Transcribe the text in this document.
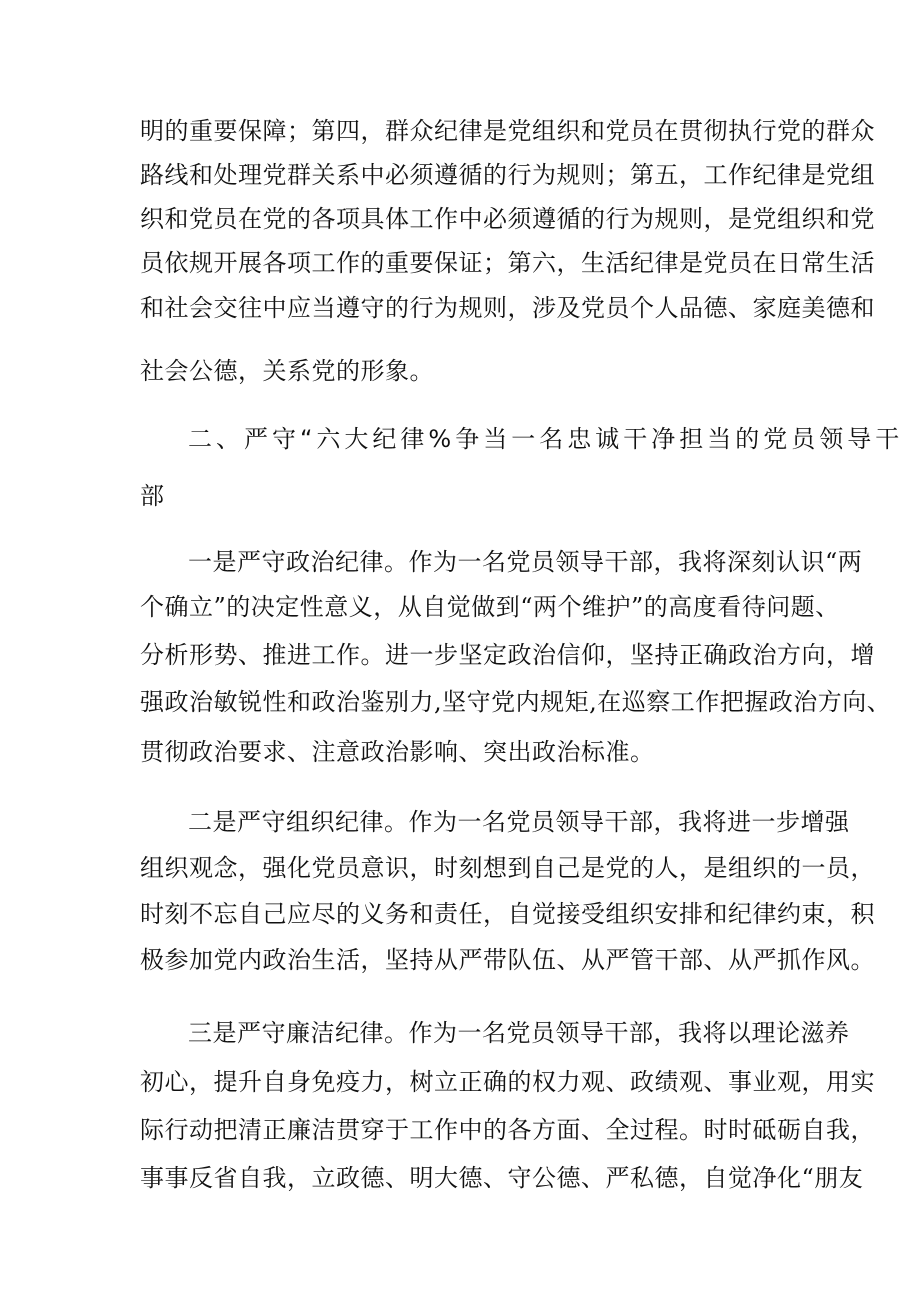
明的重要保障；第四，群众纪律是党组织和党员在贯彻执行党的群众
路线和处理党群关系中必须遵循的行为规则；第五，工作纪律是党组
织和党员在党的各项具体工作中必须遵循的行为规则，是党组织和党
员依规开展各项工作的重要保证；第六，生活纪律是党员在日常生活
和社会交往中应当遵守的行为规则，涉及党员个人品德、家庭美德和
社会公德，关系党的形象。
二、严守“六大纪律%争当一名忠诚干净担当的党员领导干
部
一是严守政治纪律。作为一名党员领导干部，我将深刻认识“两
个确立”的决定性意义，从自觉做到“两个维护”的高度看待问题、
分析形势、推进工作。进一步坚定政治信仰，坚持正确政治方向，增
强政治敏锐性和政治鉴别力,坚守党内规矩,在巡察工作把握政治方向、
贯彻政治要求、注意政治影响、突出政治标准。
二是严守组织纪律。作为一名党员领导干部，我将进一步增强
组织观念，强化党员意识，时刻想到自己是党的人，是组织的一员，
时刻不忘自己应尽的义务和责任，自觉接受组织安排和纪律约束，积
极参加党内政治生活，坚持从严带队伍、从严管干部、从严抓作风。
三是严守廉洁纪律。作为一名党员领导干部，我将以理论滋养
初心，提升自身免疫力，树立正确的权力观、政绩观、事业观，用实
际行动把清正廉洁贯穿于工作中的各方面、全过程。时时砥砺自我，
事事反省自我，立政德、明大德、守公德、严私德，自觉净化“朋友
